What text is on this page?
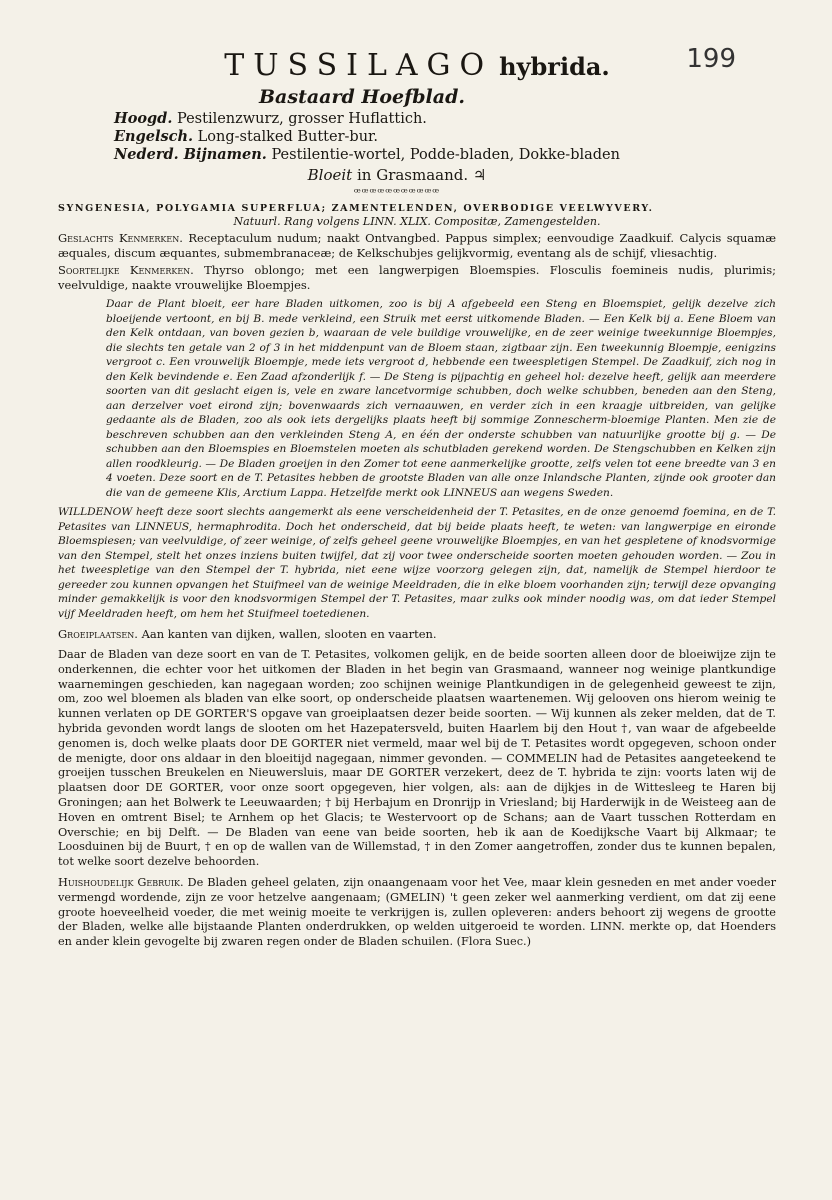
TUSSILAGO hybrida.	199
Bastaard Hoefblad.
Hoogd. Pestilenzwurz, grosser Huflattich.
Engelsch. Long-stalked Butter-bur.
Nederd. Bijnamen. Pestilentie-wortel, Podde-bladen, Dokke-bladen
Bloeit in Grasmaand. ♃
ꟹꟹꟹꟹꟹꟹꟹꟹꟹꟹꟹ
SYNGENESIA, POLYGAMIA SUPERFLUA; ZAMENTELENDEN, OVERBODIGE VEELWYVERY.
Natuurl. Rang volgens LINN. XLIX. Compositæ, Zamengestelden.

Geslachts Kenmerken. Receptaculum nudum; naakt Ontvangbed. Pappus simplex; eenvoudige Zaadkuif. Calycis squamæ æquales, discum æquantes, submembranaceæ; de Kelkschubjes gelijkvormig, eventang als de schijf, vliesachtig.

Soortelijke Kenmerken. Thyrso oblongo; met een langwerpigen Bloemspies. Flosculis foemineis nudis, plurimis; veelvuldige, naakte vrouwelijke Bloempjes.

Daar de Plant bloeit, eer hare Bladen uitkomen, zoo is bij A afgebeeld een Steng en Bloemspiet, gelijk dezelve zich bloeijende vertoont, en bij B. mede verkleind, een Struik met eerst uitkomende Bladen. — Een Kelk bij a. Eene Bloem van den Kelk ontdaan, van boven gezien b, waaraan de vele buildige vrouwelijke, en de zeer weinige tweekunnige Bloempjes, die slechts ten getale van 2 of 3 in het middenpunt van de Bloem staan, zigtbaar zijn. Een tweekunnig Bloempje, eenigzins vergroot c. Een vrouwelijk Bloempje, mede iets vergroot d, hebbende een tweespletigen Stempel. De Zaadkuif, zich nog in den Kelk bevindende e. Een Zaad afzonderlijk f. — De Steng is pijpachtig en geheel hol: dezelve heeft, gelijk aan meerdere soorten van dit geslacht eigen is, vele en zware lancetvormige schubben, doch welke schubben, beneden aan den Steng, aan derzelver voet eirond zijn; bovenwaards zich vernaauwen, en verder zich in een kraagje uitbreiden, van gelijke gedaante als de Bladen, zoo als ook iets dergelijks plaats heeft bij sommige Zonnescherm-bloemige Planten. Men zie de beschreven schubben aan den verkleinden Steng A, en één der onderste schubben van natuurlijke grootte bij g. — De schubben aan den Bloemspies en Bloemstelen moeten als schutbladen gerekend worden. De Stengschubben en Kelken zijn allen roodkleurig. — De Bladen groeijen in den Zomer tot eene aanmerkelijke grootte, zelfs velen tot eene breedte van 3 en 4 voeten. Deze soort en de T. Petasites hebben de grootste Bladen van alle onze Inlandsche Planten, zijnde ook grooter dan die van de gemeene Klis, Arctium Lappa. Hetzelfde merkt ook LINNEUS aan wegens Sweden.

WILLDENOW heeft deze soort slechts aangemerkt als eene verscheidenheid der T. Petasites, en de onze genoemd foemina, en de T. Petasites van LINNEUS, hermaphrodita. Doch het onderscheid, dat bij beide plaats heeft, te weten: van langwerpige en eironde Bloemspiesen; van veelvuldige, of zeer weinige, of zelfs geheel geene vrouwelijke Bloempjes, en van het gespletene of knodsvormige van den Stempel, stelt het onzes inziens buiten twijfel, dat zij voor twee onderscheide soorten moeten gehouden worden. — Zou in het tweespletige van den Stempel der T. hybrida, niet eene wijze voorzorg gelegen zijn, dat, namelijk de Stempel hierdoor te gereeder zou kunnen opvangen het Stuifmeel van de weinige Meeldraden, die in elke bloem voorhanden zijn; terwijl deze opvanging minder gemakkelijk is voor den knodsvormigen Stempel der T. Petasites, maar zulks ook minder noodig was, om dat ieder Stempel vijf Meeldraden heeft, om hem het Stuifmeel toetedienen.

Groeiplaatsen. Aan kanten van dijken, wallen, slooten en vaarten.

Daar de Bladen van deze soort en van de T. Petasites, volkomen gelijk, en de beide soorten alleen door de bloeiwijze zijn te onderkennen, die echter voor het uitkomen der Bladen in het begin van Grasmaand, wanneer nog weinige plantkundige waarnemingen geschieden, kan nagegaan worden; zoo schijnen weinige Plantkundigen in de gelegenheid geweest te zijn, om, zoo wel bloemen als bladen van elke soort, op onderscheide plaatsen waartenemen. Wij gelooven ons hierom weinig te kunnen verlaten op DE GORTER'S opgave van groeiplaatsen dezer beide soorten. — Wij kunnen als zeker melden, dat de T. hybrida gevonden wordt langs de slooten om het Hazepatersveld, buiten Haarlem bij den Hout †, van waar de afgebeelde genomen is, doch welke plaats door DE GORTER niet vermeld, maar wel bij de T. Petasites wordt opgegeven, schoon onder de menigte, door ons aldaar in den bloeitijd nagegaan, nimmer gevonden. — COMMELIN had de Petasites aangeteekend te groeijen tusschen Breukelen en Nieuwersluis, maar DE GORTER verzekert, deez de T. hybrida te zijn: voorts laten wij de plaatsen door DE GORTER, voor onze soort opgegeven, hier volgen, als: aan de dijkjes in de Wittesleeg te Haren bij Groningen; aan het Bolwerk te Leeuwaarden; † bij Herbajum en Dronrijp in Vriesland; bij Harderwijk in de Weisteeg aan de Hoven en omtrent Bisel; te Arnhem op het Glacis; te Westervoort op de Schans; aan de Vaart tusschen Rotterdam en Overschie; en bij Delft. — De Bladen van eene van beide soorten, heb ik aan de Koedijksche Vaart bij Alkmaar; te Loosduinen bij de Buurt, † en op de wallen van de Willemstad, † in den Zomer aangetroffen, zonder dus te kunnen bepalen, tot welke soort dezelve behoorden.

Huishoudelijk Gebruik. De Bladen geheel gelaten, zijn onaangenaam voor het Vee, maar klein gesneden en met ander voeder vermengd wordende, zijn ze voor hetzelve aangenaam; (GMELIN) 't geen zeker wel aanmerking verdient, om dat zij eene groote hoeveelheid voeder, die met weinig moeite te verkrijgen is, zullen opleveren: anders behoort zij wegens de grootte der Bladen, welke alle bijstaande Planten onderdrukken, op welden uitgeroeid te worden. LINN. merkte op, dat Hoenders en ander klein gevogelte bij zwaren regen onder de Bladen schuilen. (Flora Suec.)
